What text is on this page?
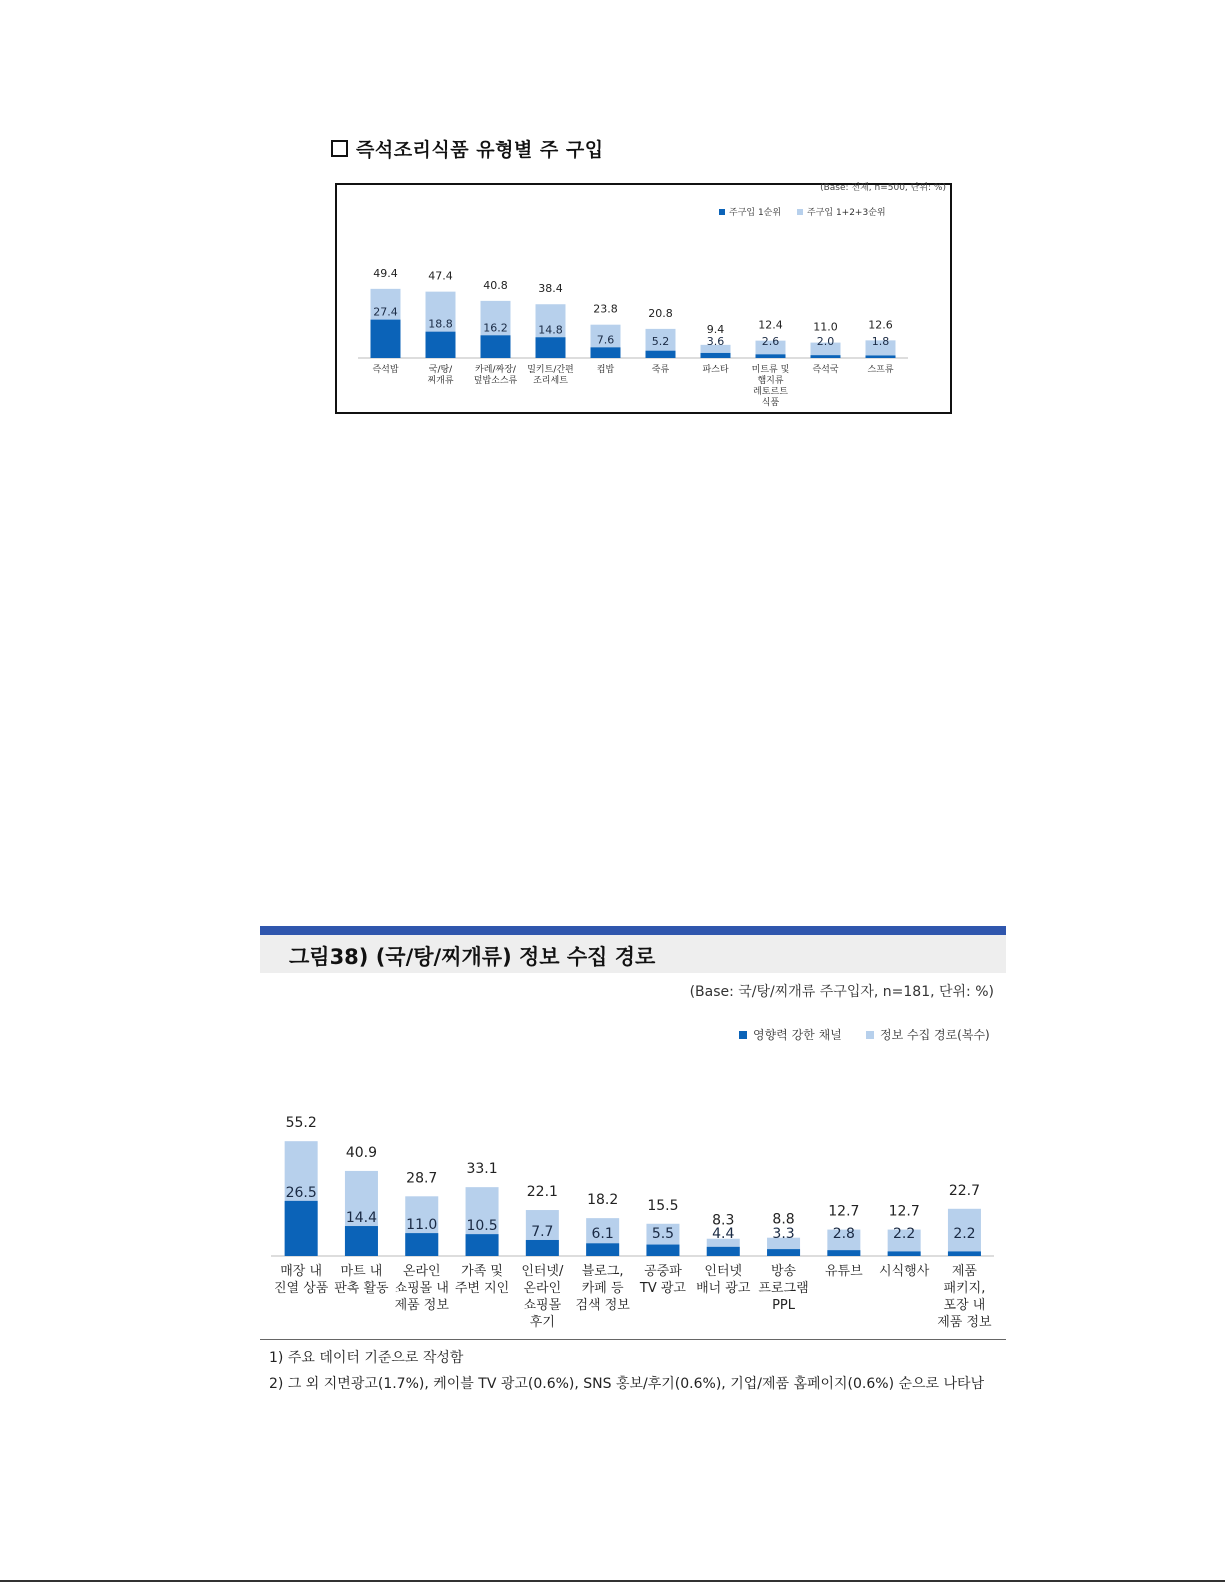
즉석조리식품 유형별 주 구입
(Base: 전체, n=500, 단위: %)
주구입 1순위	주구입 1+2+3순위
49.4
27.4
즉석밥
47.4
18.8
국/탕/ 찌개류
40.8
16.2
카레/짜장/ 덮밥소스류
38.4
14.8
밀키트/간편 조리세트
23.8
7.6
컵밥
20.8
5.2
죽류
9.4
3.6
파스타
12.4
2.6
미트류 및 햄지류 레토르트 식품
11.0
2.0
즉석국
12.6
1.8
스프류
55.2
26.5
매장 내 진열 상품
40.9
14.4
마트 내 판촉 활동
28.7
11.0
온라인 쇼핑몰 내 제품 정보
33.1
10.5
가족 및 주변 지인
22.1
7.7
인터넷/ 온라인 쇼핑몰 후기
18.2
6.1
블로그, 카페 등 검색 정보
15.5
5.5
공중파 TV 광고
8.3
4.4
인터넷 배너 광고
8.8
3.3
방송 프로그램 PPL
12.7
2.8
유튜브
12.7
2.2
시식행사
22.7
2.2
제품 패키지, 포장 내 제품 정보
그림38) (국/탕/찌개류) 정보 수집 경로
(Base: 국/탕/찌개류 주구입자, n=181, 단위: %)
영향력 강한 채널	정보 수집 경로(복수)
1) 주요 데이터 기준으로 작성함
2) 그 외 지면광고(1.7%), 케이블 TV 광고(0.6%), SNS 홍보/후기(0.6%), 기업/제품 홈페이지(0.6%) 순으로 나타남
